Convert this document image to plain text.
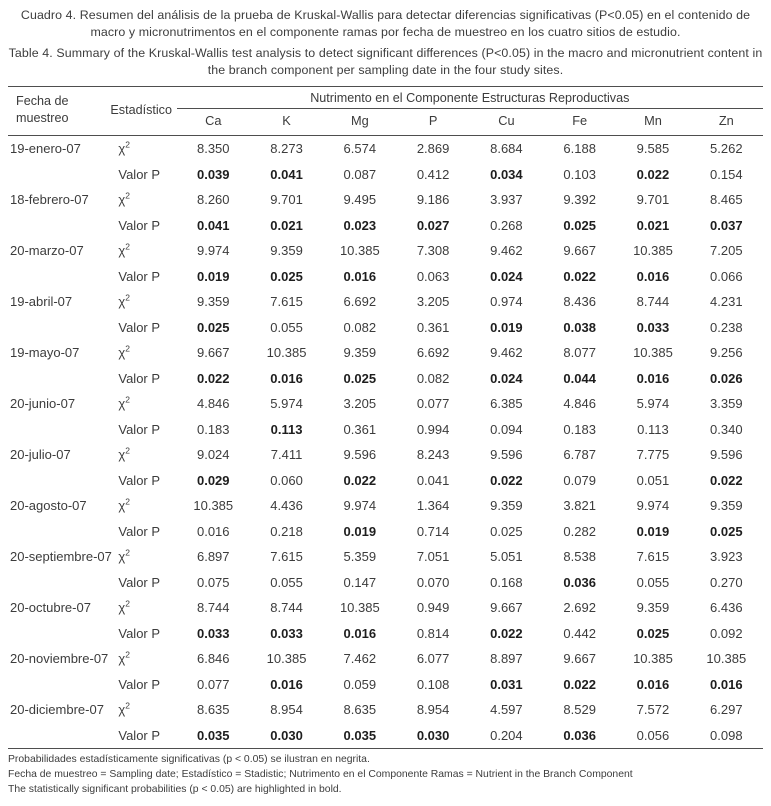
Cuadro 4. Resumen del análisis de la prueba de Kruskal-Wallis para detectar diferencias significativas (P<0.05) en el contenido de macro y micronutrimentos en el componente ramas por fecha de muestreo en los cuatro sitios de estudio.
Table 4. Summary of the Kruskal-Wallis test analysis to detect significant differences (P<0.05) in the macro and micronutrient content in the branch component per sampling date in the four study sites.
Fecha de muestreo	Estadístico	Nutrimento en el Componente Estructuras Reproductivas							
		Ca	K	Mg	P	Cu	Fe	Mn	Zn
19-enero-07	$\chi^2$	8.350	8.273	6.574	2.869	8.684	6.188	9.585	5.262
	Valor P	0.039	0.041	0.087	0.412	0.034	0.103	0.022	0.154
18-febrero-07	$\chi^2$	8.260	9.701	9.495	9.186	3.937	9.392	9.701	8.465
	Valor P	0.041	0.021	0.023	0.027	0.268	0.025	0.021	0.037
20-marzo-07	$\chi^2$	9.974	9.359	10.385	7.308	9.462	9.667	10.385	7.205
	Valor P	0.019	0.025	0.016	0.063	0.024	0.022	0.016	0.066
19-abril-07	$\chi^2$	9.359	7.615	6.692	3.205	0.974	8.436	8.744	4.231
	Valor P	0.025	0.055	0.082	0.361	0.019	0.038	0.033	0.238
19-mayo-07	$\chi^2$	9.667	10.385	9.359	6.692	9.462	8.077	10.385	9.256
	Valor P	0.022	0.016	0.025	0.082	0.024	0.044	0.016	0.026
20-junio-07	$\chi^2$	4.846	5.974	3.205	0.077	6.385	4.846	5.974	3.359
	Valor P	0.183	0.113	0.361	0.994	0.094	0.183	0.113	0.340
20-julio-07	$\chi^2$	9.024	7.411	9.596	8.243	9.596	6.787	7.775	9.596
	Valor P	0.029	0.060	0.022	0.041	0.022	0.079	0.051	0.022
20-agosto-07	$\chi^2$	10.385	4.436	9.974	1.364	9.359	3.821	9.974	9.359
	Valor P	0.016	0.218	0.019	0.714	0.025	0.282	0.019	0.025
20-septiembre-07	$\chi^2$	6.897	7.615	5.359	7.051	5.051	8.538	7.615	3.923
	Valor P	0.075	0.055	0.147	0.070	0.168	0.036	0.055	0.270
20-octubre-07	$\chi^2$	8.744	8.744	10.385	0.949	9.667	2.692	9.359	6.436
	Valor P	0.033	0.033	0.016	0.814	0.022	0.442	0.025	0.092
20-noviembre-07	$\chi^2$	6.846	10.385	7.462	6.077	8.897	9.667	10.385	10.385
	Valor P	0.077	0.016	0.059	0.108	0.031	0.022	0.016	0.016
20-diciembre-07	$\chi^2$	8.635	8.954	8.635	8.954	4.597	8.529	7.572	6.297
	Valor P	0.035	0.030	0.035	0.030	0.204	0.036	0.056	0.098
Probabilidades estadísticamente significativas (p < 0.05) se ilustran en negrita.
Fecha de muestreo = Sampling date; Estadístico = Stadistic; Nutrimento en el Componente Ramas = Nutrient in the Branch Component
The statistically significant probabilities (p < 0.05) are highlighted in bold.
